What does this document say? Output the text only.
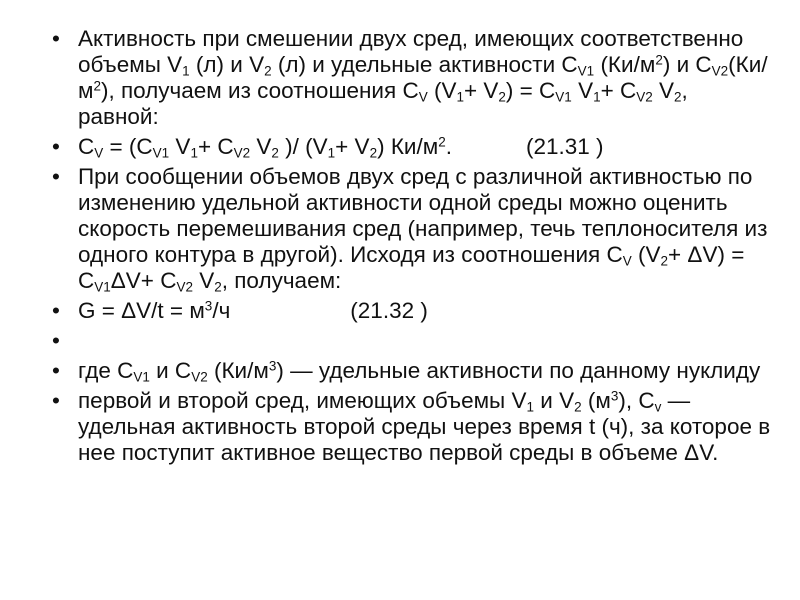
• Активность при смешении двух сред, имеющих соответственно объемы $V_1$ (л) и $V_2$ (л) и удельные активности $C_{V1}$ $(Ки/м^2)$ и $C_{V2}(Ки/м^2)$, получаем из соотношения $C_V$ $(V_1+ V_2) = C_{V1}$ $V_1+ C_{V2}$ $V_2$, равной:
• $C_V = (C_{V1}$ $V_1+ C_{V2}$ $V_2$ )/ $(V_1+ V_2)$ $Ки/м^2$.	(21.31 )
• При сообщении объемов двух сред с различной активностью по изменению удельной активности одной среды можно оценить скорость перемешивания сред (например, течь теплоносителя из одного контура в другой). Исходя из соотношения $C_V$ $(V_2+ \Delta V) = C_{V1}\Delta V+ C_{V2}$ $V_2$, получаем:
• $G = \Delta V/t = м^3/ч$	(21.32 )
•
• где $C_{V1}$ и $C_{V2}$ $(Ки/м^3)$ — удельные активности по данному нуклиду
• первой и второй сред, имеющих объемы $V_1$ и $V_2$ $(м^3)$, $C_v$ — удельная активность второй среды через время t (ч), за которое в нее поступит активное вещество первой среды в объеме ΔV.
